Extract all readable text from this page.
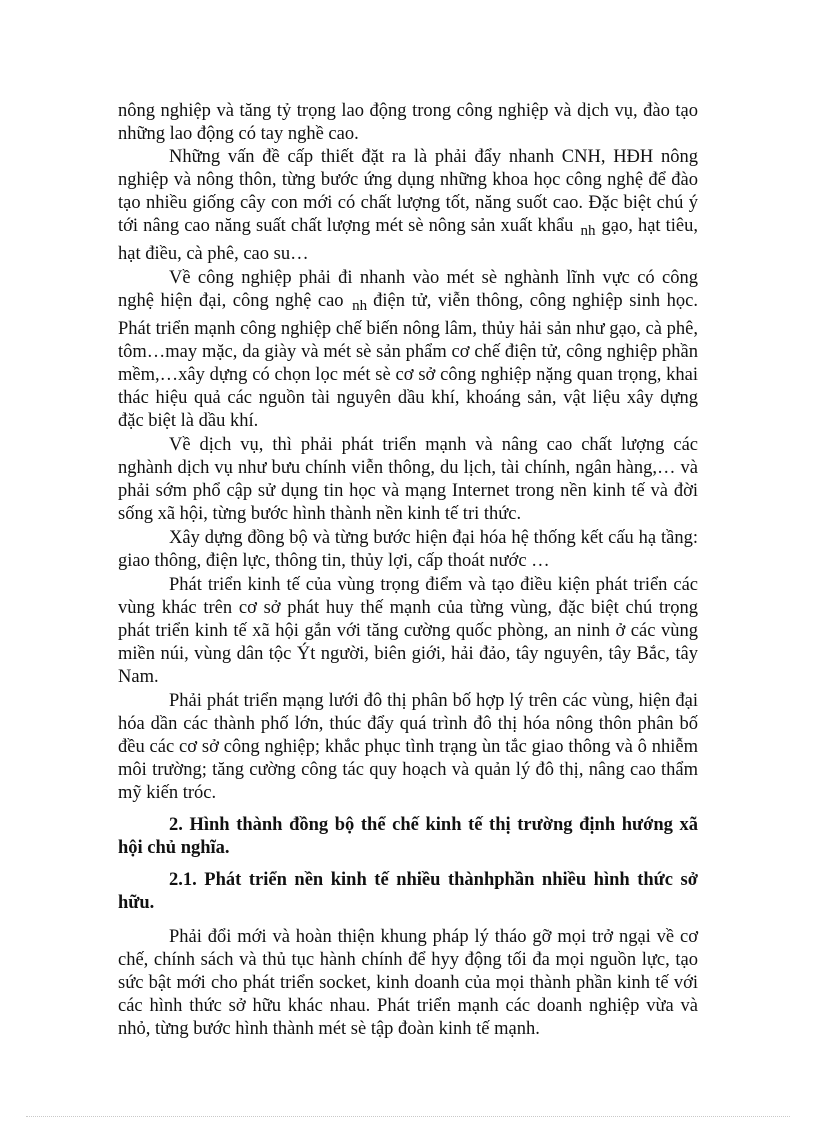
nông nghiệp và tăng tỷ trọng lao động trong công nghiệp và dịch vụ, đào tạo những lao động có tay nghề cao.

Những vấn đề cấp thiết đặt ra là phải đẩy nhanh CNH, HĐH nông nghiệp và nông thôn, từng bước ứng dụng những khoa học công nghệ để đào tạo nhiều giống cây con mới có chất lượng tốt, năng suốt cao. Đặc biệt chú ý tới nâng cao năng suất chất lượng mét sè nông sản xuất khẩu $_{nh}$ gạo, hạt tiêu, hạt điều, cà phê, cao su…

Về công nghiệp phải đi nhanh vào mét sè nghành lĩnh vực có công nghệ hiện đại, công nghệ cao $_{nh}$ điện tử, viễn thông, công nghiệp sinh học. Phát triển mạnh công nghiệp chế biến nông lâm, thủy hải sản như gạo, cà phê, tôm…may mặc, da giày và mét sè sản phẩm cơ chế điện tử, công nghiệp phần mềm,…xây dựng có chọn lọc mét sè cơ sở công nghiệp nặng quan trọng, khai thác hiệu quả các nguồn tài nguyên dầu khí, khoáng sản, vật liệu xây dựng đặc biệt là dầu khí.

Về dịch vụ, thì phải phát triển mạnh và nâng cao chất lượng các nghành dịch vụ như bưu chính viễn thông, du lịch, tài chính, ngân hàng,… và phải sớm phổ cập sử dụng tin học và mạng Internet trong nền kinh tế và đời sống xã hội, từng bước hình thành nền kinh tế tri thức.

Xây dựng đồng bộ và từng bước hiện đại hóa hệ thống kết cấu hạ tầng: giao thông, điện lực, thông tin, thủy lợi, cấp thoát nước …

Phát triển kinh tế của vùng trọng điểm và tạo điều kiện phát triển các vùng khác trên cơ sở phát huy thế mạnh của từng vùng, đặc biệt chú trọng phát triển kinh tế xã hội gắn với tăng cường quốc phòng, an ninh ở các vùng miền núi, vùng dân tộc Ýt người, biên giới, hải đảo, tây nguyên, tây Bắc, tây Nam.

Phải phát triển mạng lưới đô thị phân bố hợp lý trên các vùng, hiện đại hóa dần các thành phố lớn, thúc đẩy quá trình đô thị hóa nông thôn phân bố đều các cơ sở công nghiệp; khắc phục tình trạng ùn tắc giao thông và ô nhiễm môi trường; tăng cường công tác quy hoạch và quản lý đô thị, nâng cao thẩm mỹ kiến tróc.

2. Hình thành đồng bộ thể chế kinh tế thị trường định hướng xã hội chủ nghĩa.
2.1. Phát triển nền kinh tế nhiều thànhphần nhiều hình thức sở hữu.

Phải đổi mới và hoàn thiện khung pháp lý tháo gỡ mọi trở ngại về cơ chế, chính sách và thủ tục hành chính để hyy động tối đa mọi nguồn lực, tạo sức bật mới cho phát triển socket, kinh doanh của mọi thành phần kinh tế với các hình thức sở hữu khác nhau. Phát triển mạnh các doanh nghiệp vừa và nhỏ, từng bước hình thành mét sè tập đoàn kinh tế mạnh.
